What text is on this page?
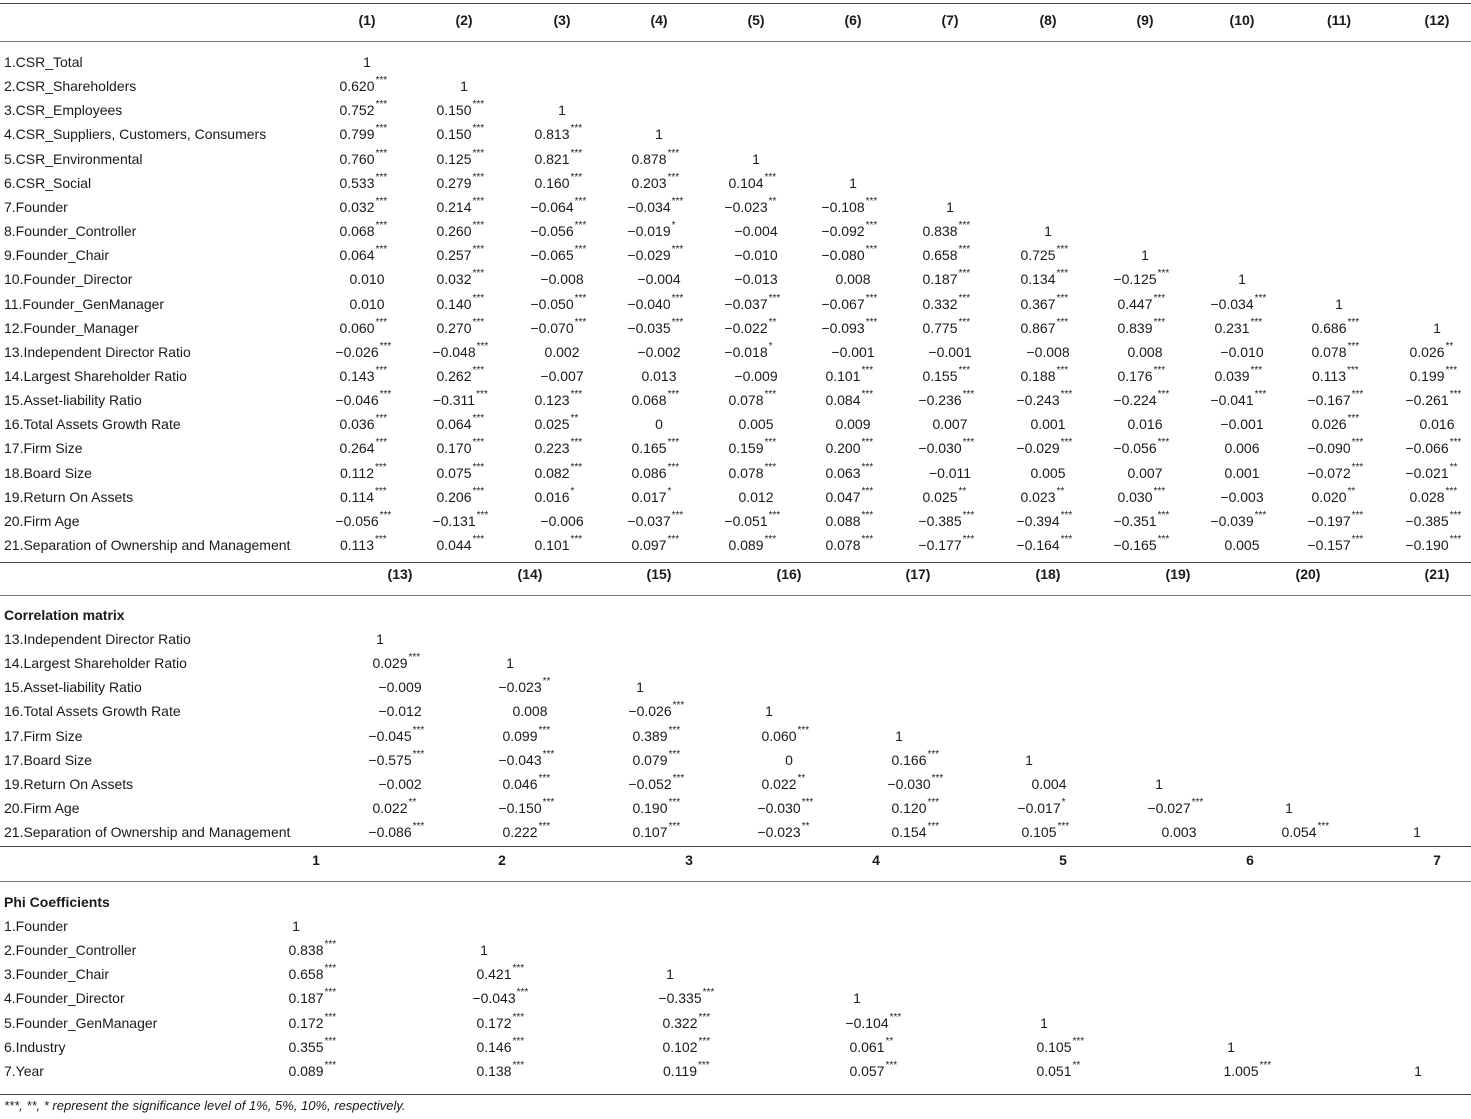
***, **, * represent the significance level of 1%, 5%, 10%, respectively.
(1)	(2)	(3)	(4)	(5)	(6)	(7)	(8)	(9)	(10)	(11)	(12)
1.CSR_Total	1
2.CSR_Shareholders	0.620 ***	1
3.CSR_Employees	0.752 ***	0.150 ***	1
4.CSR_Suppliers, Customers, Consumers	0.799 ***	0.150 ***	0.813 ***	1
5.CSR_Environmental	0.760 ***	0.125 ***	0.821 ***	0.878 ***	1
6.CSR_Social	0.533 ***	0.279 ***	0.160 ***	0.203 ***	0.104 ***	1
7.Founder	0.032 ***	0.214 ***	−0.064 ***	−0.034 ***	−0.023 **	−0.108 ***	1
8.Founder_Controller	0.068 ***	0.260 ***	−0.056 ***	−0.019 *	−0.004	−0.092 ***	0.838 ***	1
9.Founder_Chair	0.064 ***	0.257 ***	−0.065 ***	−0.029 ***	−0.010	−0.080 ***	0.658 ***	0.725 ***	1
10.Founder_Director	0.010	0.032 ***	−0.008	−0.004	−0.013	0.008	0.187 ***	0.134 ***	−0.125 ***	1
11.Founder_GenManager	0.010	0.140 ***	−0.050 ***	−0.040 ***	−0.037 ***	−0.067 ***	0.332 ***	0.367 ***	0.447 ***	−0.034 ***	1
12.Founder_Manager	0.060 ***	0.270 ***	−0.070 ***	−0.035 ***	−0.022 **	−0.093 ***	0.775 ***	0.867 ***	0.839 ***	0.231 ***	0.686 ***	1
13.Independent Director Ratio	−0.026 ***	−0.048 ***	0.002	−0.002	−0.018 *	−0.001	−0.001	−0.008	0.008	−0.010	0.078 ***	0.026 **
14.Largest Shareholder Ratio	0.143 ***	0.262 ***	−0.007	0.013	−0.009	0.101 ***	0.155 ***	0.188 ***	0.176 ***	0.039 ***	0.113 ***	0.199 ***
15.Asset-liability Ratio	−0.046 ***	−0.311 ***	0.123 ***	0.068 ***	0.078 ***	0.084 ***	−0.236 ***	−0.243 ***	−0.224 ***	−0.041 ***	−0.167 ***	−0.261 ***
16.Total Assets Growth Rate	0.036 ***	0.064 ***	0.025 **	0	0.005	0.009	0.007	0.001	0.016	−0.001	0.026 ***	0.016
17.Firm Size	0.264 ***	0.170 ***	0.223 ***	0.165 ***	0.159 ***	0.200 ***	−0.030 ***	−0.029 ***	−0.056 ***	0.006	−0.090 ***	−0.066 ***
18.Board Size	0.112 ***	0.075 ***	0.082 ***	0.086 ***	0.078 ***	0.063 ***	−0.011	0.005	0.007	0.001	−0.072 ***	−0.021 **
19.Return On Assets	0.114 ***	0.206 ***	0.016 *	0.017 *	0.012	0.047 ***	0.025 **	0.023 **	0.030 ***	−0.003	0.020 **	0.028 ***
20.Firm Age	−0.056 ***	−0.131 ***	−0.006	−0.037 ***	−0.051 ***	0.088 ***	−0.385 ***	−0.394 ***	−0.351 ***	−0.039 ***	−0.197 ***	−0.385 ***
21.Separation of Ownership and Management	0.113 ***	0.044 ***	0.101 ***	0.097 ***	0.089 ***	0.078 ***	−0.177 ***	−0.164 ***	−0.165 ***	0.005	−0.157 ***	−0.190 ***
(13)	(14)	(15)	(16)	(17)	(18)	(19)	(20)	(21)
Correlation matrix
13.Independent Director Ratio	1
14.Largest Shareholder Ratio	0.029 ***	1
15.Asset-liability Ratio	−0.009	−0.023 **	1
16.Total Assets Growth Rate	−0.012	0.008	−0.026 ***	1
17.Firm Size	−0.045 ***	0.099 ***	0.389 ***	0.060 ***	1
17.Board Size	−0.575 ***	−0.043 ***	0.079 ***	0	0.166 ***	1
19.Return On Assets	−0.002	0.046 ***	−0.052 ***	0.022 **	−0.030 ***	0.004	1
20.Firm Age	0.022 **	−0.150 ***	0.190 ***	−0.030 ***	0.120 ***	−0.017 *	−0.027 ***	1
21.Separation of Ownership and Management	−0.086 ***	0.222 ***	0.107 ***	−0.023 **	0.154 ***	0.105 ***	0.003	0.054 ***	1
1	2	3	4	5	6	7
Phi Coefficients
1.Founder	1
2.Founder_Controller	0.838 ***	1
3.Founder_Chair	0.658 ***	0.421 ***	1
4.Founder_Director	0.187 ***	−0.043 ***	−0.335 ***	1
5.Founder_GenManager	0.172 ***	0.172 ***	0.322 ***	−0.104 ***	1
6.Industry	0.355 ***	0.146 ***	0.102 ***	0.061 **	0.105 ***	1
7.Year	0.089 ***	0.138 ***	0.119 ***	0.057 ***	0.051 **	1.005 ***	1
